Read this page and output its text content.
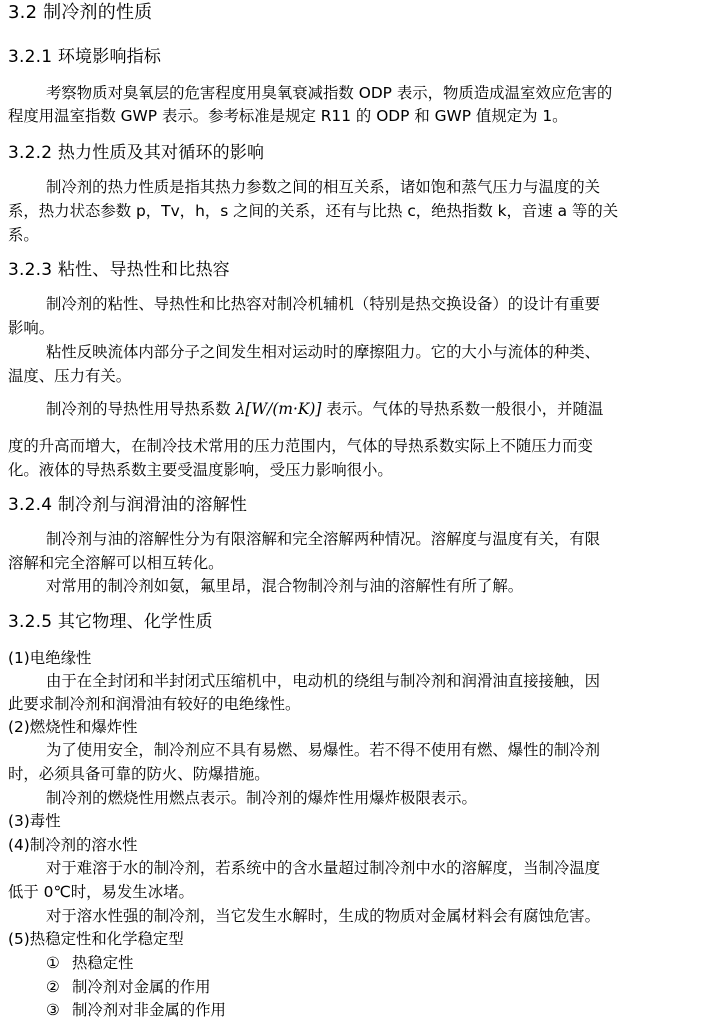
3.2 制冷剂的性质

3.2.1 环境影响指标

考察物质对臭氧层的危害程度用臭氧衰减指数 ODP 表示，物质造成温室效应危害的

程度用温室指数 GWP 表示。参考标准是规定 R11 的 ODP 和 GWP 值规定为 1。

3.2.2 热力性质及其对循环的影响

制冷剂的热力性质是指其热力参数之间的相互关系，诸如饱和蒸气压力与温度的关

系，热力状态参数 p，Tv，h，s 之间的关系，还有与比热 c，绝热指数 k，音速 a 等的关

系。

3.2.3 粘性、导热性和比热容

制冷剂的粘性、导热性和比热容对制冷机辅机（特别是热交换设备）的设计有重要

影响。

粘性反映流体内部分子之间发生相对运动时的摩擦阻力。它的大小与流体的种类、

温度、压力有关。

制冷剂的导热性用导热系数 λ[W/(m·K)] 表示。气体的导热系数一般很小，并随温

度的升高而增大，在制冷技术常用的压力范围内，气体的导热系数实际上不随压力而变

化。液体的导热系数主要受温度影响，受压力影响很小。

3.2.4 制冷剂与润滑油的溶解性

制冷剂与油的溶解性分为有限溶解和完全溶解两种情况。溶解度与温度有关，有限

溶解和完全溶解可以相互转化。

对常用的制冷剂如氨，氟里昂，混合物制冷剂与油的溶解性有所了解。

3.2.5 其它物理、化学性质

(1)电绝缘性

由于在全封闭和半封闭式压缩机中，电动机的绕组与制冷剂和润滑油直接接触，因

此要求制冷剂和润滑油有较好的电绝缘性。

(2)燃烧性和爆炸性

为了使用安全，制冷剂应不具有易燃、易爆性。若不得不使用有燃、爆性的制冷剂

时，必须具备可靠的防火、防爆措施。

制冷剂的燃烧性用燃点表示。制冷剂的爆炸性用爆炸极限表示。

(3)毒性

(4)制冷剂的溶水性

对于难溶于水的制冷剂，若系统中的含水量超过制冷剂中水的溶解度，当制冷温度

低于 0℃时，易发生冰堵。

对于溶水性强的制冷剂，当它发生水解时，生成的物质对金属材料会有腐蚀危害。

(5)热稳定性和化学稳定型

① 热稳定性

② 制冷剂对金属的作用

③ 制冷剂对非金属的作用
